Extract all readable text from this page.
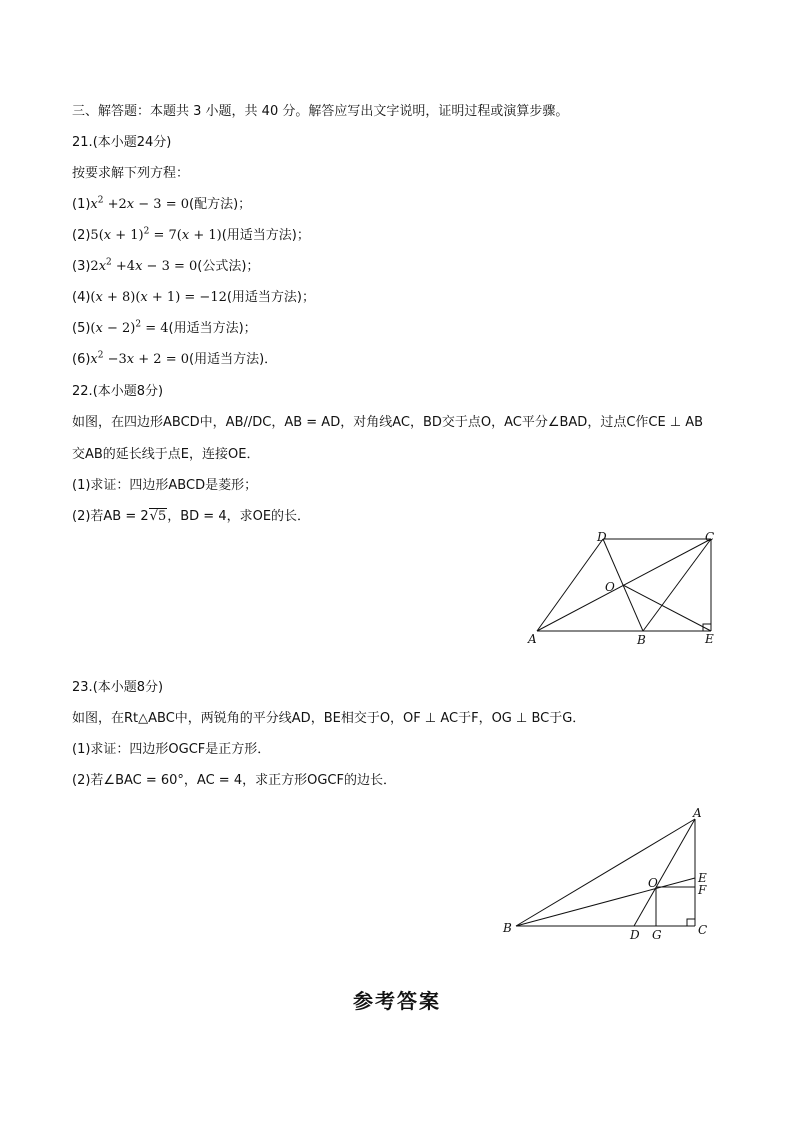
三、解答题：本题共 3 小题，共 40 分。解答应写出文字说明，证明过程或演算步骤。
21.(本小题24分)
按要求解下列方程：
$(1)x^2 +2x - 3 = 0$(配方法)；
$(2)5(x + 1)^2 = 7(x + 1)$(用适当方法)；
$(3)2x^2 +4x - 3 = 0$(公式法)；
(4)(x + 8)(x + 1) = −12(用适当方法)；
$(5)(x - 2)^2 = 4$(用适当方法)；
$(6)x^2 -3x + 2 = 0$(用适当方法)．
22.(本小题8分)
如图，在四边形ABCD中，AB//DC，AB = AD，对角线AC，BD交于点O，AC平分∠BAD，过点C作CE ⊥ AB
交AB的延长线于点E，连接OE．
(1)求证：四边形ABCD是菱形；
(2)若AB = 2√5，BD = 4，求OE的长．
A	B	E
D	C
O
23.(本小题8分)
如图，在Rt△ABC中，两锐角的平分线AD，BE相交于O，OF ⊥ AC于F，OG ⊥ BC于G．
(1)求证：四边形OGCF是正方形．
(2)若∠BAC = 60°，AC = 4，求正方形OGCF的边长．
A
B	C
D G
E
F
O
参考答案
